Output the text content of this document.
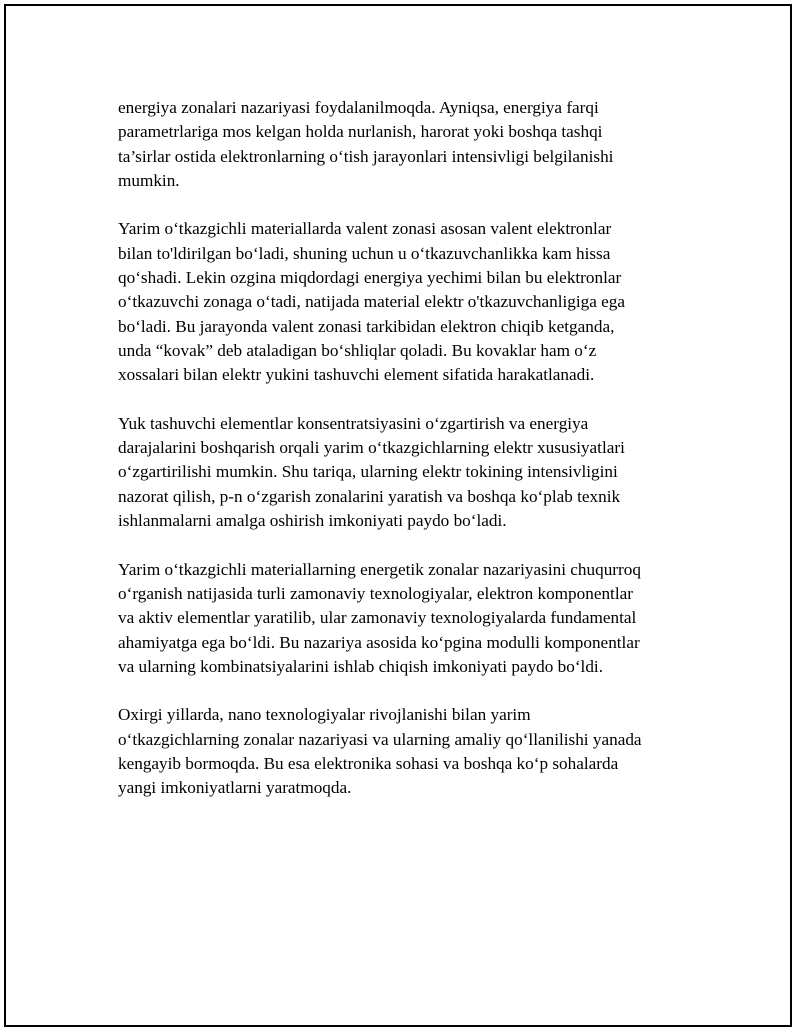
energiya zonalari nazariyasi foydalanilmoqda. Ayniqsa, energiya farqi
parametrlariga mos kelgan holda nurlanish, harorat yoki boshqa tashqi
ta’sirlar ostida elektronlarning oʻtish jarayonlari intensivligi belgilanishi
mumkin.

Yarim oʻtkazgichli materiallarda valent zonasi asosan valent elektronlar
bilan to'ldirilgan boʻladi, shuning uchun u oʻtkazuvchanlikka kam hissa
qoʻshadi. Lekin ozgina miqdordagi energiya yechimi bilan bu elektronlar
oʻtkazuvchi zonaga oʻtadi, natijada material elektr o'tkazuvchanligiga ega
boʻladi. Bu jarayonda valent zonasi tarkibidan elektron chiqib ketganda,
unda “kovak” deb ataladigan boʻshliqlar qoladi. Bu kovaklar ham oʻz
xossalari bilan elektr yukini tashuvchi element sifatida harakatlanadi.

Yuk tashuvchi elementlar konsentratsiyasini oʻzgartirish va energiya
darajalarini boshqarish orqali yarim oʻtkazgichlarning elektr xususiyatlari
oʻzgartirilishi mumkin. Shu tariqa, ularning elektr tokining intensivligini
nazorat qilish, p-n oʻzgarish zonalarini yaratish va boshqa koʻplab texnik
ishlanmalarni amalga oshirish imkoniyati paydo boʻladi.

Yarim oʻtkazgichli materiallarning energetik zonalar nazariyasini chuqurroq
oʻrganish natijasida turli zamonaviy texnologiyalar, elektron komponentlar
va aktiv elementlar yaratilib, ular zamonaviy texnologiyalarda fundamental
ahamiyatga ega boʻldi. Bu nazariya asosida koʻpgina modulli komponentlar
va ularning kombinatsiyalarini ishlab chiqish imkoniyati paydo boʻldi.

Oxirgi yillarda, nano texnologiyalar rivojlanishi bilan yarim
oʻtkazgichlarning zonalar nazariyasi va ularning amaliy qoʻllanilishi yanada
kengayib bormoqda. Bu esa elektronika sohasi va boshqa koʻp sohalarda
yangi imkoniyatlarni yaratmoqda.
